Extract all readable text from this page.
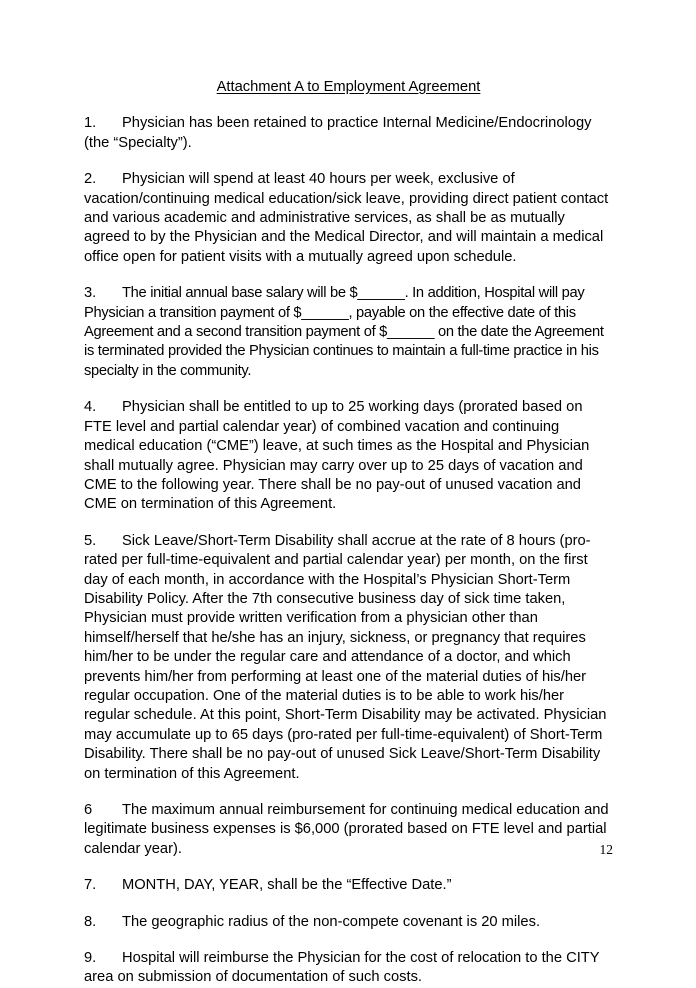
Attachment A to Employment Agreement

1. Physician has been retained to practice Internal Medicine/Endocrinology (the “Specialty”).

2. Physician will spend at least 40 hours per week, exclusive of vacation/continuing medical education/sick leave, providing direct patient contact and various academic and administrative services, as shall be as mutually agreed to by the Physician and the Medical Director, and will maintain a medical office open for patient visits with a mutually agreed upon schedule.

3. The initial annual base salary will be $______. In addition, Hospital will pay Physician a transition payment of $______, payable on the effective date of this Agreement and a second transition payment of $______ on the date the Agreement is terminated provided the Physician continues to maintain a full-time practice in his specialty in the community.

4. Physician shall be entitled to up to 25 working days (prorated based on FTE level and partial calendar year) of combined vacation and continuing medical education (“CME”) leave, at such times as the Hospital and Physician shall mutually agree. Physician may carry over up to 25 days of vacation and CME to the following year. There shall be no pay-out of unused vacation and CME on termination of this Agreement.

5. Sick Leave/Short-Term Disability shall accrue at the rate of 8 hours (pro-rated per full-time-equivalent and partial calendar year) per month, on the first day of each month, in accordance with the Hospital’s Physician Short-Term Disability Policy. After the 7th consecutive business day of sick time taken, Physician must provide written verification from a physician other than himself/herself that he/she has an injury, sickness, or pregnancy that requires him/her to be under the regular care and attendance of a doctor, and which prevents him/her from performing at least one of the material duties of his/her regular occupation. One of the material duties is to be able to work his/her regular schedule. At this point, Short-Term Disability may be activated. Physician may accumulate up to 65 days (pro-rated per full-time-equivalent) of Short-Term Disability. There shall be no pay-out of unused Sick Leave/Short-Term Disability on termination of this Agreement.

6 The maximum annual reimbursement for continuing medical education and legitimate business expenses is $6,000 (prorated based on FTE level and partial calendar year).

7. MONTH, DAY, YEAR, shall be the “Effective Date.”

8. The geographic radius of the non-compete covenant is 20 miles.

9. Hospital will reimburse the Physician for the cost of relocation to the CITY area on submission of documentation of such costs.

12
